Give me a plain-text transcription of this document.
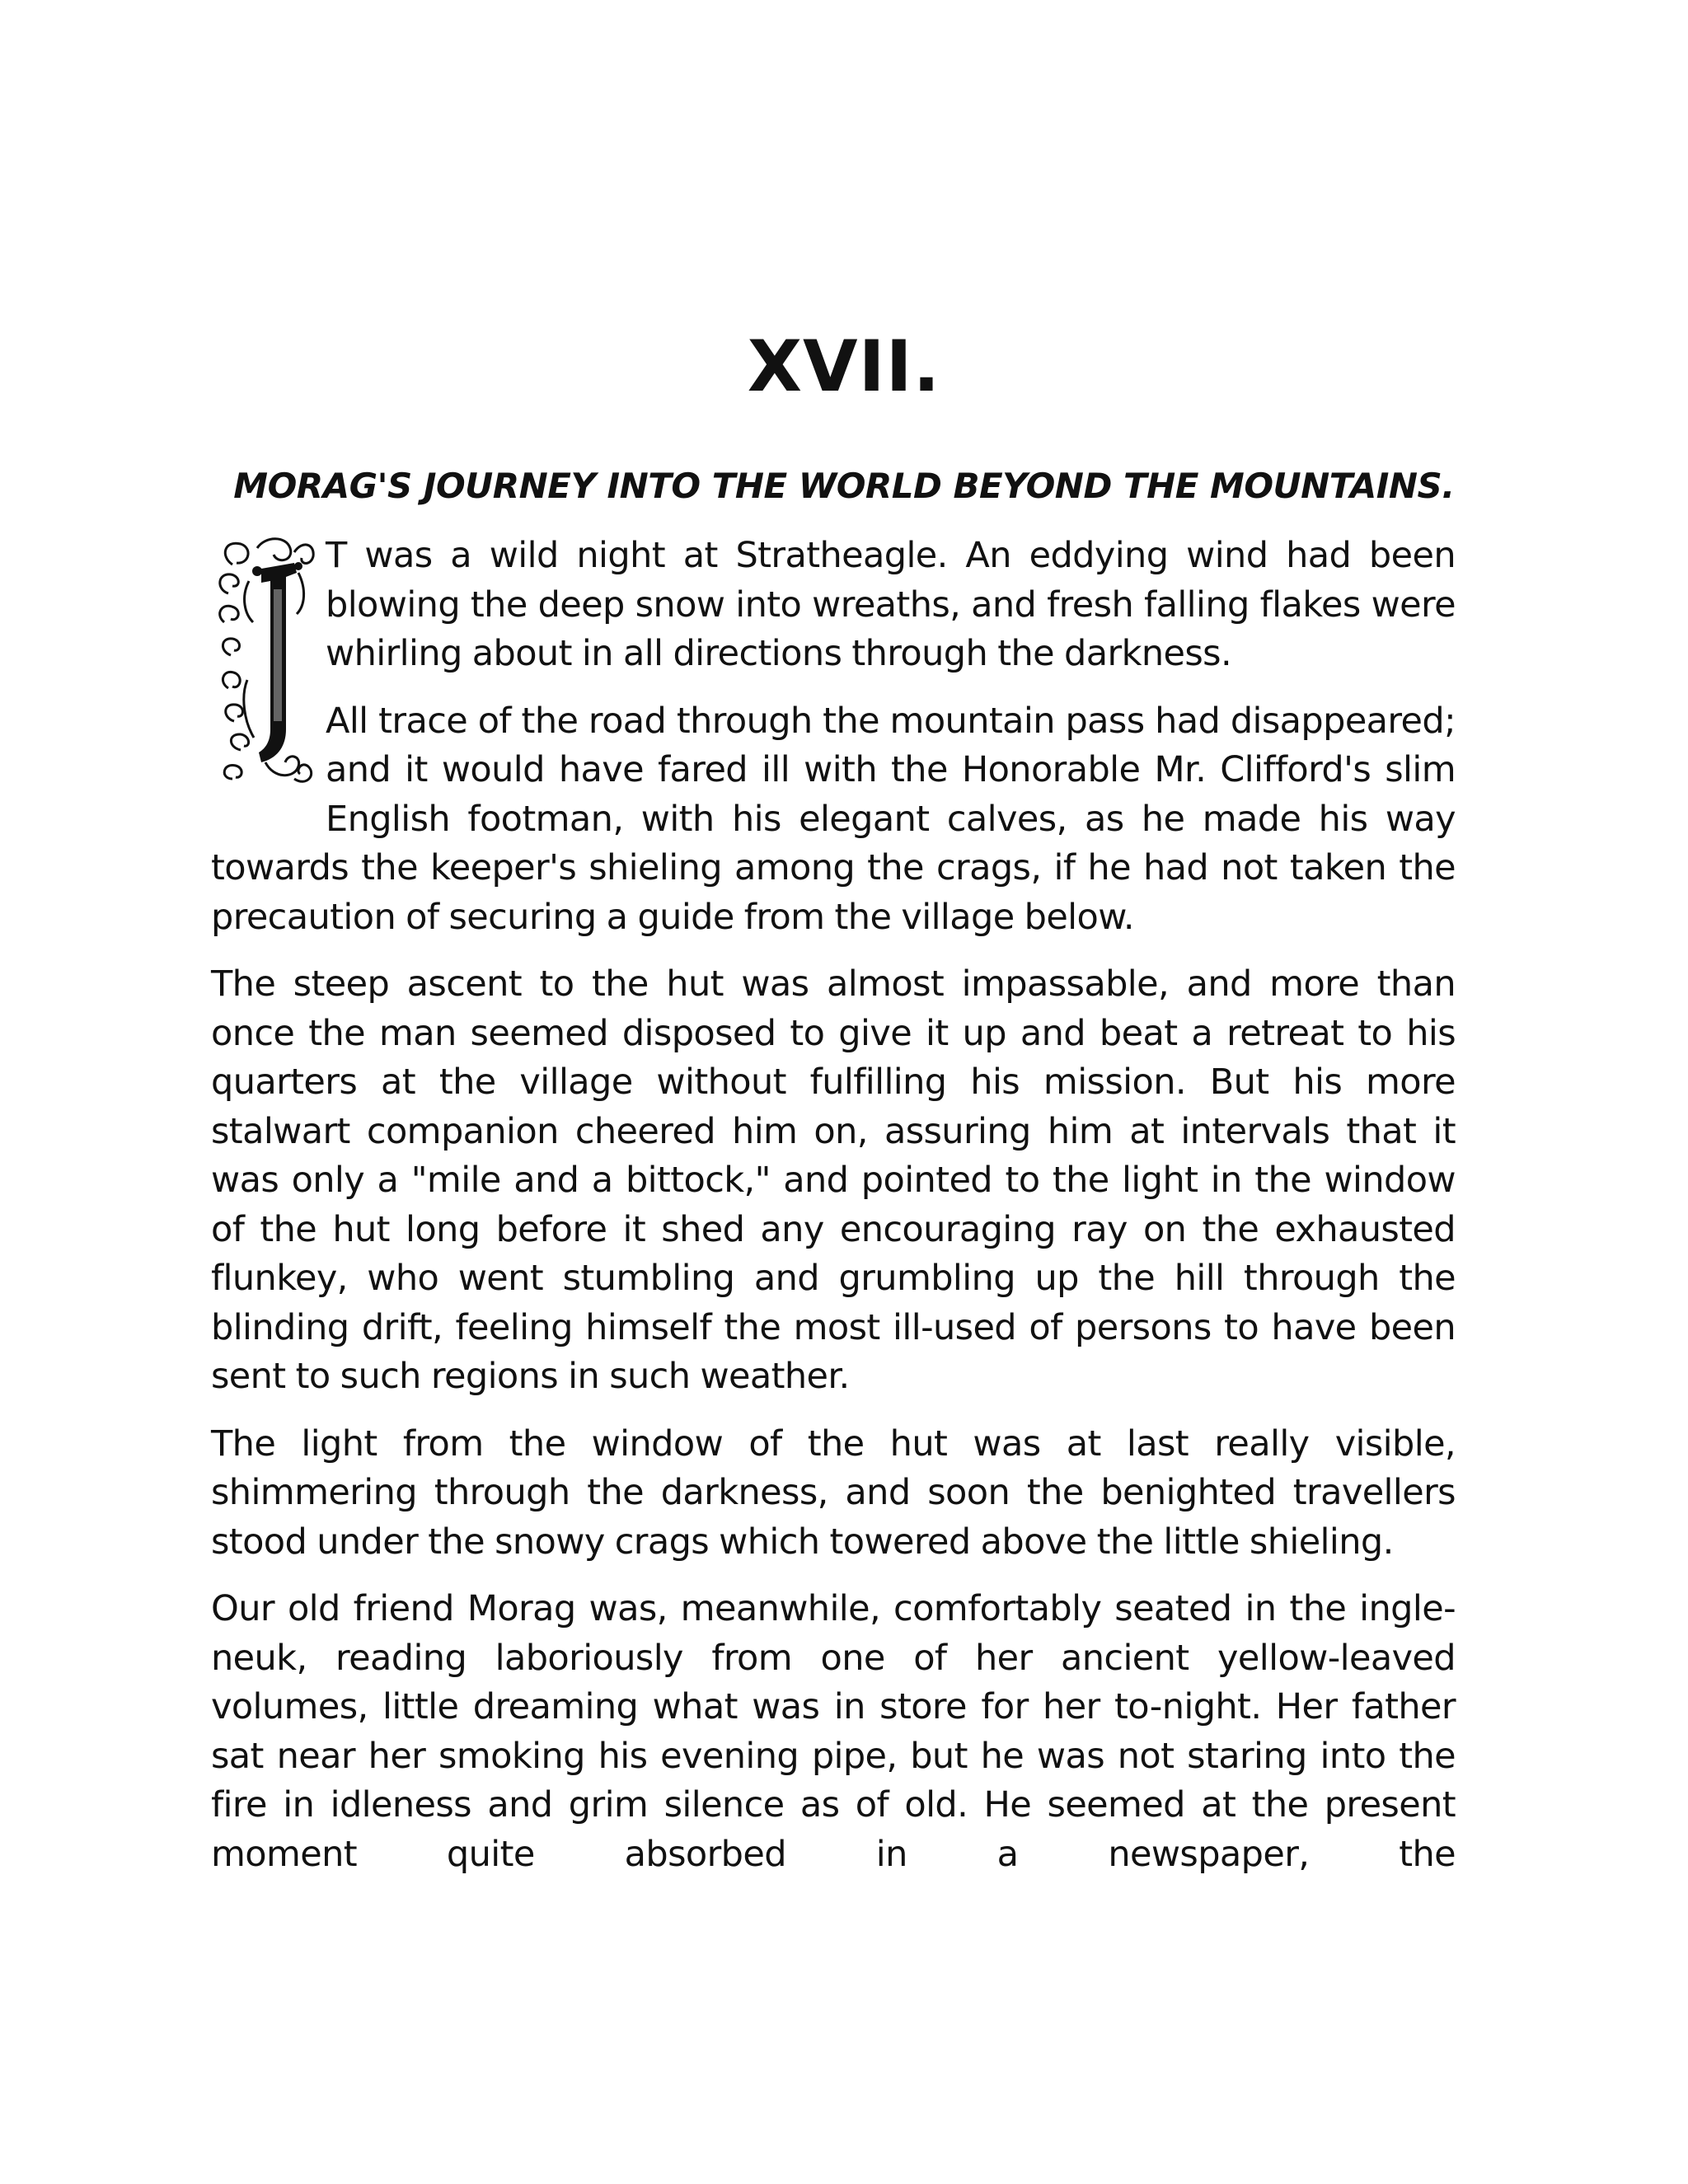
XVII.
MORAG'S JOURNEY INTO THE WORLD BEYOND THE MOUNTAINS.

T was a wild night at Stratheagle. An eddying wind had been blowing the deep snow into wreaths, and fresh falling flakes were whirling about in all directions through the darkness.

All trace of the road through the mountain pass had disappeared; and it would have fared ill with the Honorable Mr. Clifford's slim English footman, with his elegant calves, as he made his way towards the keeper's shieling among the crags, if he had not taken the precaution of securing a guide from the village below.

The steep ascent to the hut was almost impassable, and more than once the man seemed disposed to give it up and beat a retreat to his quarters at the village without fulfilling his mission. But his more stalwart companion cheered him on, assuring him at intervals that it was only a "mile and a bittock," and pointed to the light in the window of the hut long before it shed any encouraging ray on the exhausted flunkey, who went stumbling and grumbling up the hill through the blinding drift, feeling himself the most ill-used of persons to have been sent to such regions in such weather.

The light from the window of the hut was at last really visible, shimmering through the darkness, and soon the benighted travellers stood under the snowy crags which towered above the little shieling.

Our old friend Morag was, meanwhile, comfortably seated in the ingle-neuk, reading laboriously from one of her ancient yellow-leaved volumes, little dreaming what was in store for her to-night. Her father sat near her smoking his evening pipe, but he was not staring into the fire in idleness and grim silence as of old. He seemed at the present moment quite absorbed in a newspaper, the
